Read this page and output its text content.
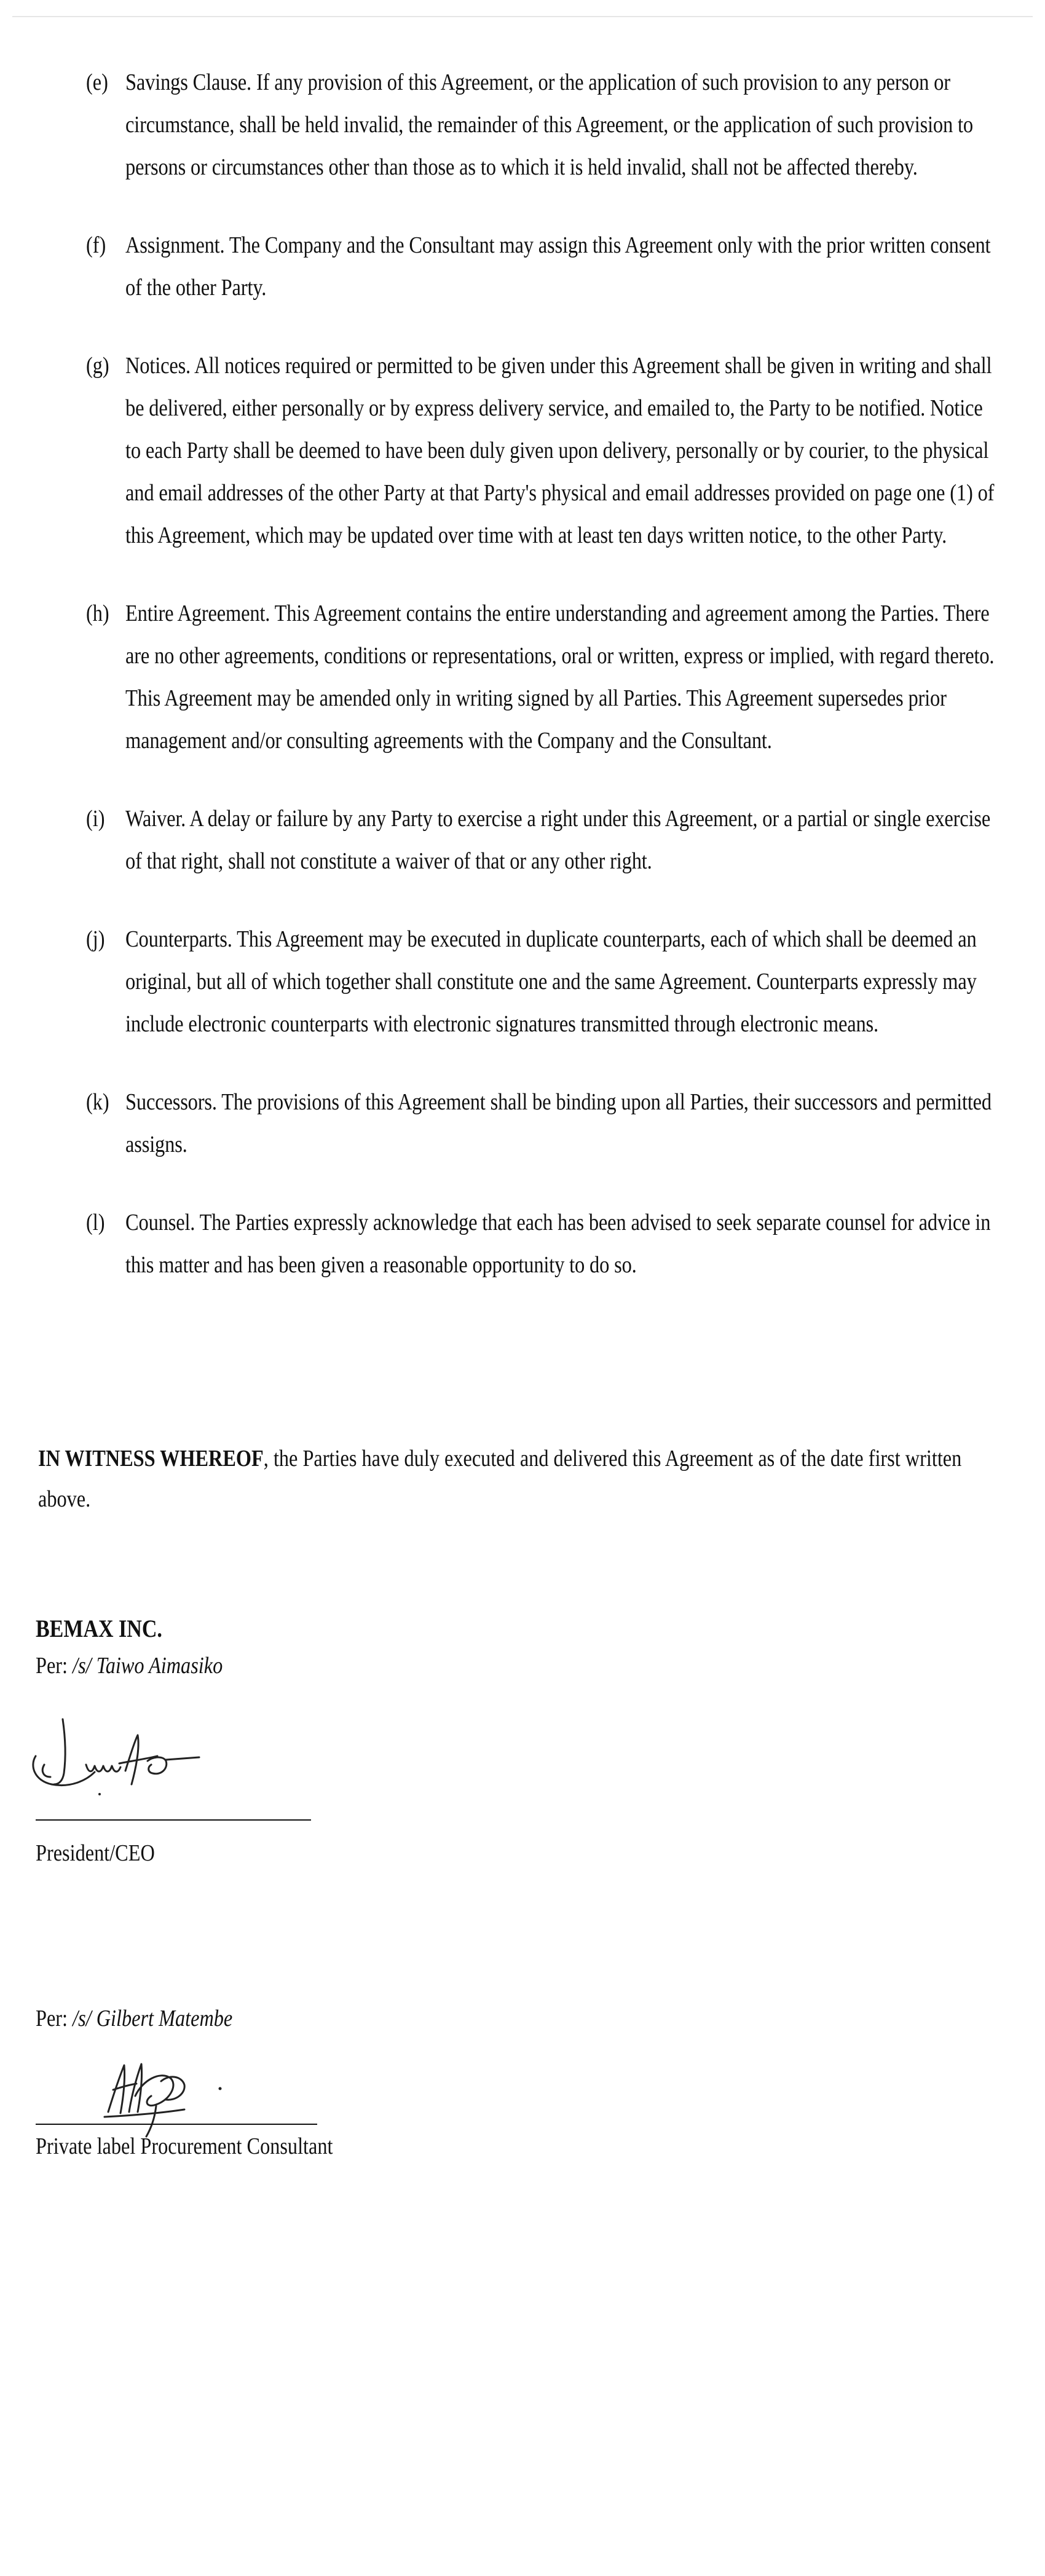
(e) Savings Clause. If any provision of this Agreement, or the application of such provision to any person or circumstance, shall be held invalid, the remainder of this Agreement, or the application of such provision to persons or circumstances other than those as to which it is held invalid, shall not be affected thereby.
(f) Assignment. The Company and the Consultant may assign this Agreement only with the prior written consent of the other Party.
(g) Notices. All notices required or permitted to be given under this Agreement shall be given in writing and shall be delivered, either personally or by express delivery service, and emailed to, the Party to be notified. Notice to each Party shall be deemed to have been duly given upon delivery, personally or by courier, to the physical and email addresses of the other Party at that Party's physical and email addresses provided on page one (1) of this Agreement, which may be updated over time with at least ten days written notice, to the other Party.
(h) Entire Agreement. This Agreement contains the entire understanding and agreement among the Parties. There are no other agreements, conditions or representations, oral or written, express or implied, with regard thereto. This Agreement may be amended only in writing signed by all Parties. This Agreement supersedes prior management and/or consulting agreements with the Company and the Consultant.
(i) Waiver. A delay or failure by any Party to exercise a right under this Agreement, or a partial or single exercise of that right, shall not constitute a waiver of that or any other right.
(j) Counterparts. This Agreement may be executed in duplicate counterparts, each of which shall be deemed an original, but all of which together shall constitute one and the same Agreement. Counterparts expressly may include electronic counterparts with electronic signatures transmitted through electronic means.
(k) Successors. The provisions of this Agreement shall be binding upon all Parties, their successors and permitted assigns.
(l) Counsel. The Parties expressly acknowledge that each has been advised to seek separate counsel for advice in this matter and has been given a reasonable opportunity to do so.
IN WITNESS WHEREOF, the Parties have duly executed and delivered this Agreement as of the date first written above.
BEMAX INC.
Per: /s/ Taiwo Aimasiko
President/CEO
Per: /s/ Gilbert Matembe
Private label Procurement Consultant
